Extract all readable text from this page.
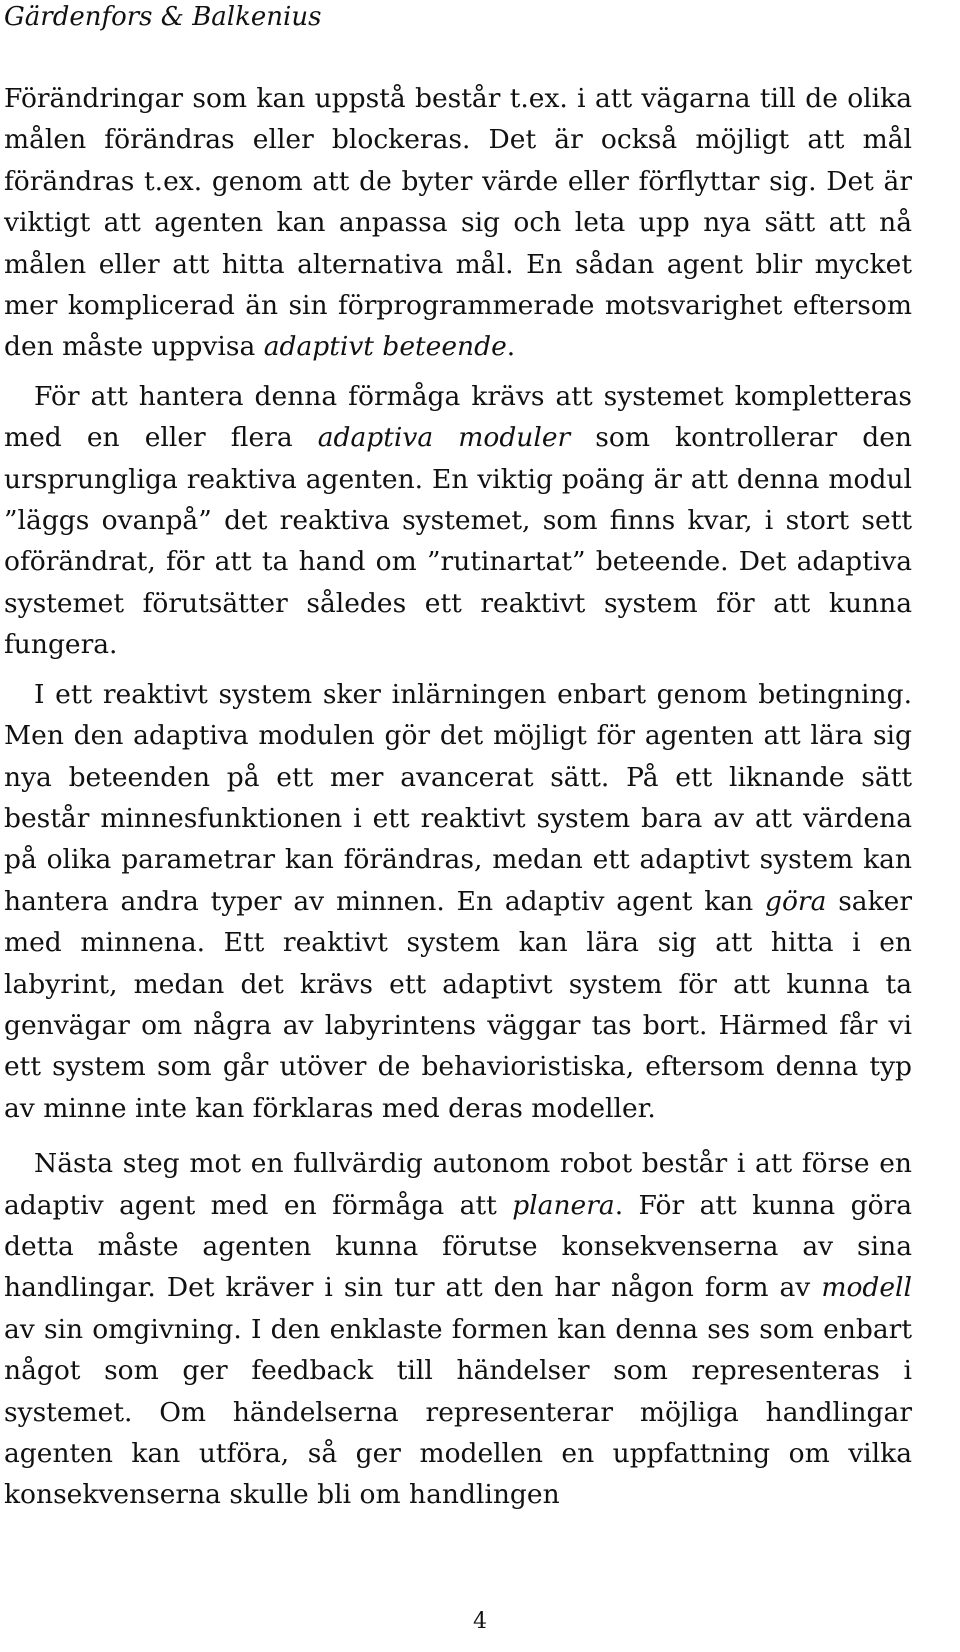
Gärdenfors & Balkenius

Förändringar som kan uppstå består t.ex. i att vägarna till de olika målen förändras eller blockeras. Det är också möjligt att mål förändras t.ex. genom att de byter värde eller förflyttar sig. Det är viktigt att agenten kan anpassa sig och leta upp nya sätt att nå målen eller att hitta alternativa mål. En sådan agent blir mycket mer komplicerad än sin förprogrammerade motsvarighet eftersom den måste uppvisa adaptivt beteende.

För att hantera denna förmåga krävs att systemet kompletteras med en eller flera adaptiva moduler som kontrollerar den ursprungliga reaktiva agenten. En viktig poäng är att denna modul ”läggs ovanpå” det reaktiva systemet, som finns kvar, i stort sett oförändrat, för att ta hand om ”rutinartat” beteende. Det adaptiva systemet förutsätter således ett reaktivt system för att kunna fungera.

I ett reaktivt system sker inlärningen enbart genom betingning. Men den adaptiva modulen gör det möjligt för agenten att lära sig nya beteenden på ett mer avancerat sätt. På ett liknande sätt består minnesfunktionen i ett reaktivt system bara av att värdena på olika parametrar kan förändras, medan ett adaptivt system kan hantera andra typer av minnen. En adaptiv agent kan göra saker med minnena. Ett reaktivt system kan lära sig att hitta i en labyrint, medan det krävs ett adaptivt system för att kunna ta genvägar om några av labyrintens väggar tas bort. Härmed får vi ett system som går utöver de behavioristiska, eftersom denna typ av minne inte kan förklaras med deras modeller.

Nästa steg mot en fullvärdig autonom robot består i att förse en adaptiv agent med en förmåga att planera. För att kunna göra detta måste agenten kunna förutse konsekvenserna av sina handlingar. Det kräver i sin tur att den har någon form av modell av sin omgivning. I den enklaste formen kan denna ses som enbart något som ger feedback till händelser som representeras i systemet. Om händelserna representerar möjliga handlingar agenten kan utföra, så ger modellen en uppfattning om vilka konsekvenserna skulle bli om handlingen

4
